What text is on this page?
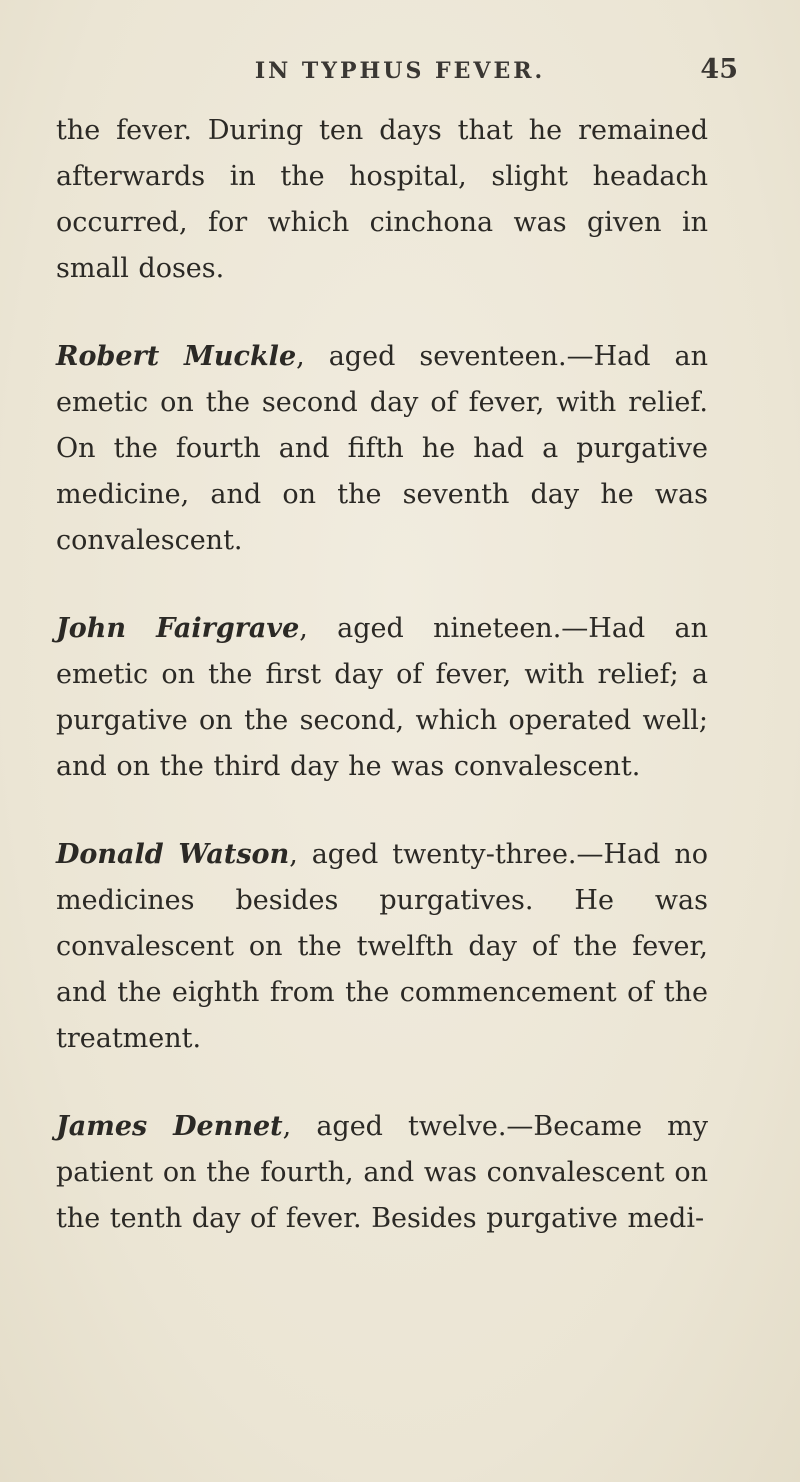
IN TYPHUS FEVER.	45

the fever. During ten days that he remained afterwards in the hospital, slight headach occurred, for which cinchona was given in small doses.

Robert Muckle, aged seventeen.—Had an emetic on the second day of fever, with relief. On the fourth and fifth he had a purgative medicine, and on the seventh day he was convalescent.

John Fairgrave, aged nineteen.—Had an emetic on the first day of fever, with relief; a purgative on the second, which operated well; and on the third day he was convalescent.

Donald Watson, aged twenty-three.—Had no medicines besides purgatives. He was convalescent on the twelfth day of the fever, and the eighth from the commencement of the treatment.

James Dennet, aged twelve.—Became my patient on the fourth, and was convalescent on the tenth day of fever. Besides purgative medi-
